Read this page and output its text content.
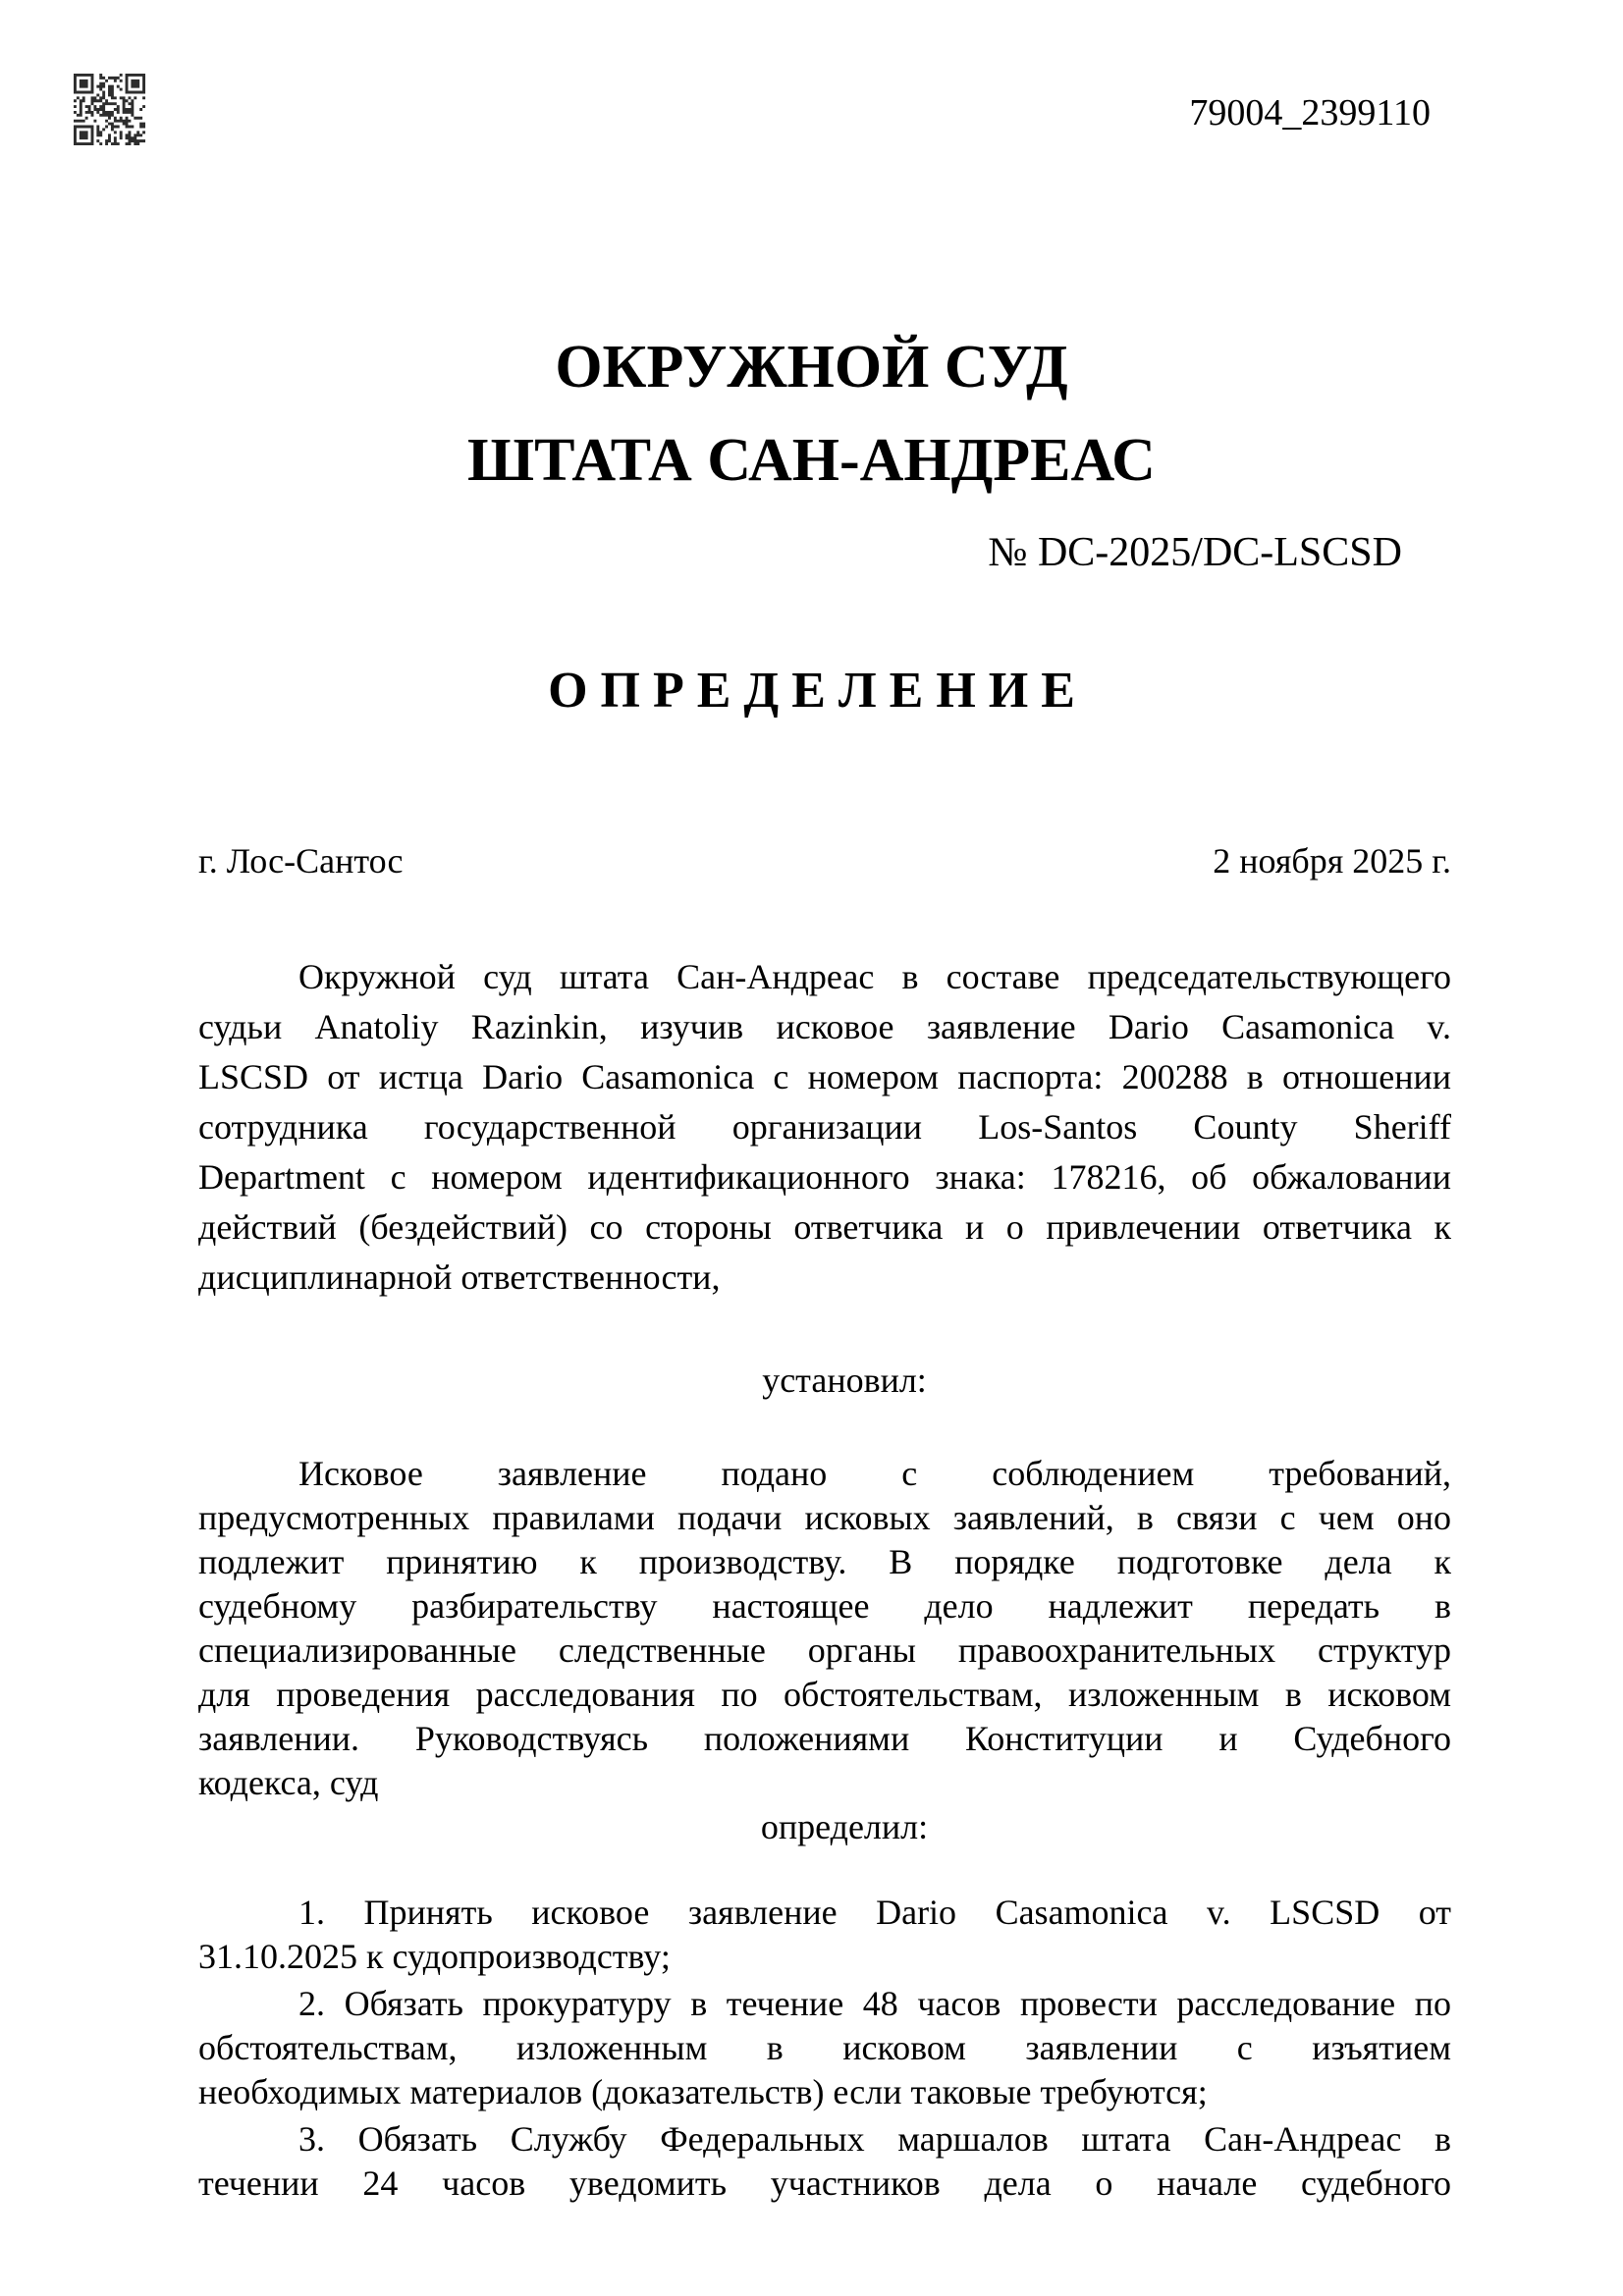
79004_2399110
ОКРУЖНОЙ СУД
ШТАТА САН-АНДРЕАС
№ DC-2025/DC-LSCSD
О П Р Е Д Е Л Е Н И Е
г. Лос-Сантос	2 ноября 2025 г.
Окружной суд штата Сан-Андреас в составе председательствующего
судьи Anatoliy Razinkin, изучив исковое заявление Dario Casamonica v.
LSCSD от истца Dario Casamonica с номером паспорта: 200288 в отношении
сотрудника государственной организации Los-Santos County Sheriff
Department с номером идентификационного знака: 178216, об обжаловании
действий (бездействий) со стороны ответчика и о привлечении ответчика к
дисциплинарной ответственности,
установил:
Исковое заявление подано с соблюдением требований,
предусмотренных правилами подачи исковых заявлений, в связи с чем оно
подлежит принятию к производству. В порядке подготовке дела к
судебному разбирательству настоящее дело надлежит передать в
специализированные следственные органы правоохранительных структур
для проведения расследования по обстоятельствам, изложенным в исковом
заявлении. Руководствуясь положениями Конституции и Судебного
кодекса, суд
определил:
1. Принять исковое заявление Dario Casamonica v. LSCSD от
31.10.2025 к судопроизводству;
2. Обязать прокуратуру в течение 48 часов провести расследование по
обстоятельствам, изложенным в исковом заявлении с изъятием
необходимых материалов (доказательств) если таковые требуются;
3. Обязать Службу Федеральных маршалов штата Сан-Андреас в
течении 24 часов уведомить участников дела о начале судебного
